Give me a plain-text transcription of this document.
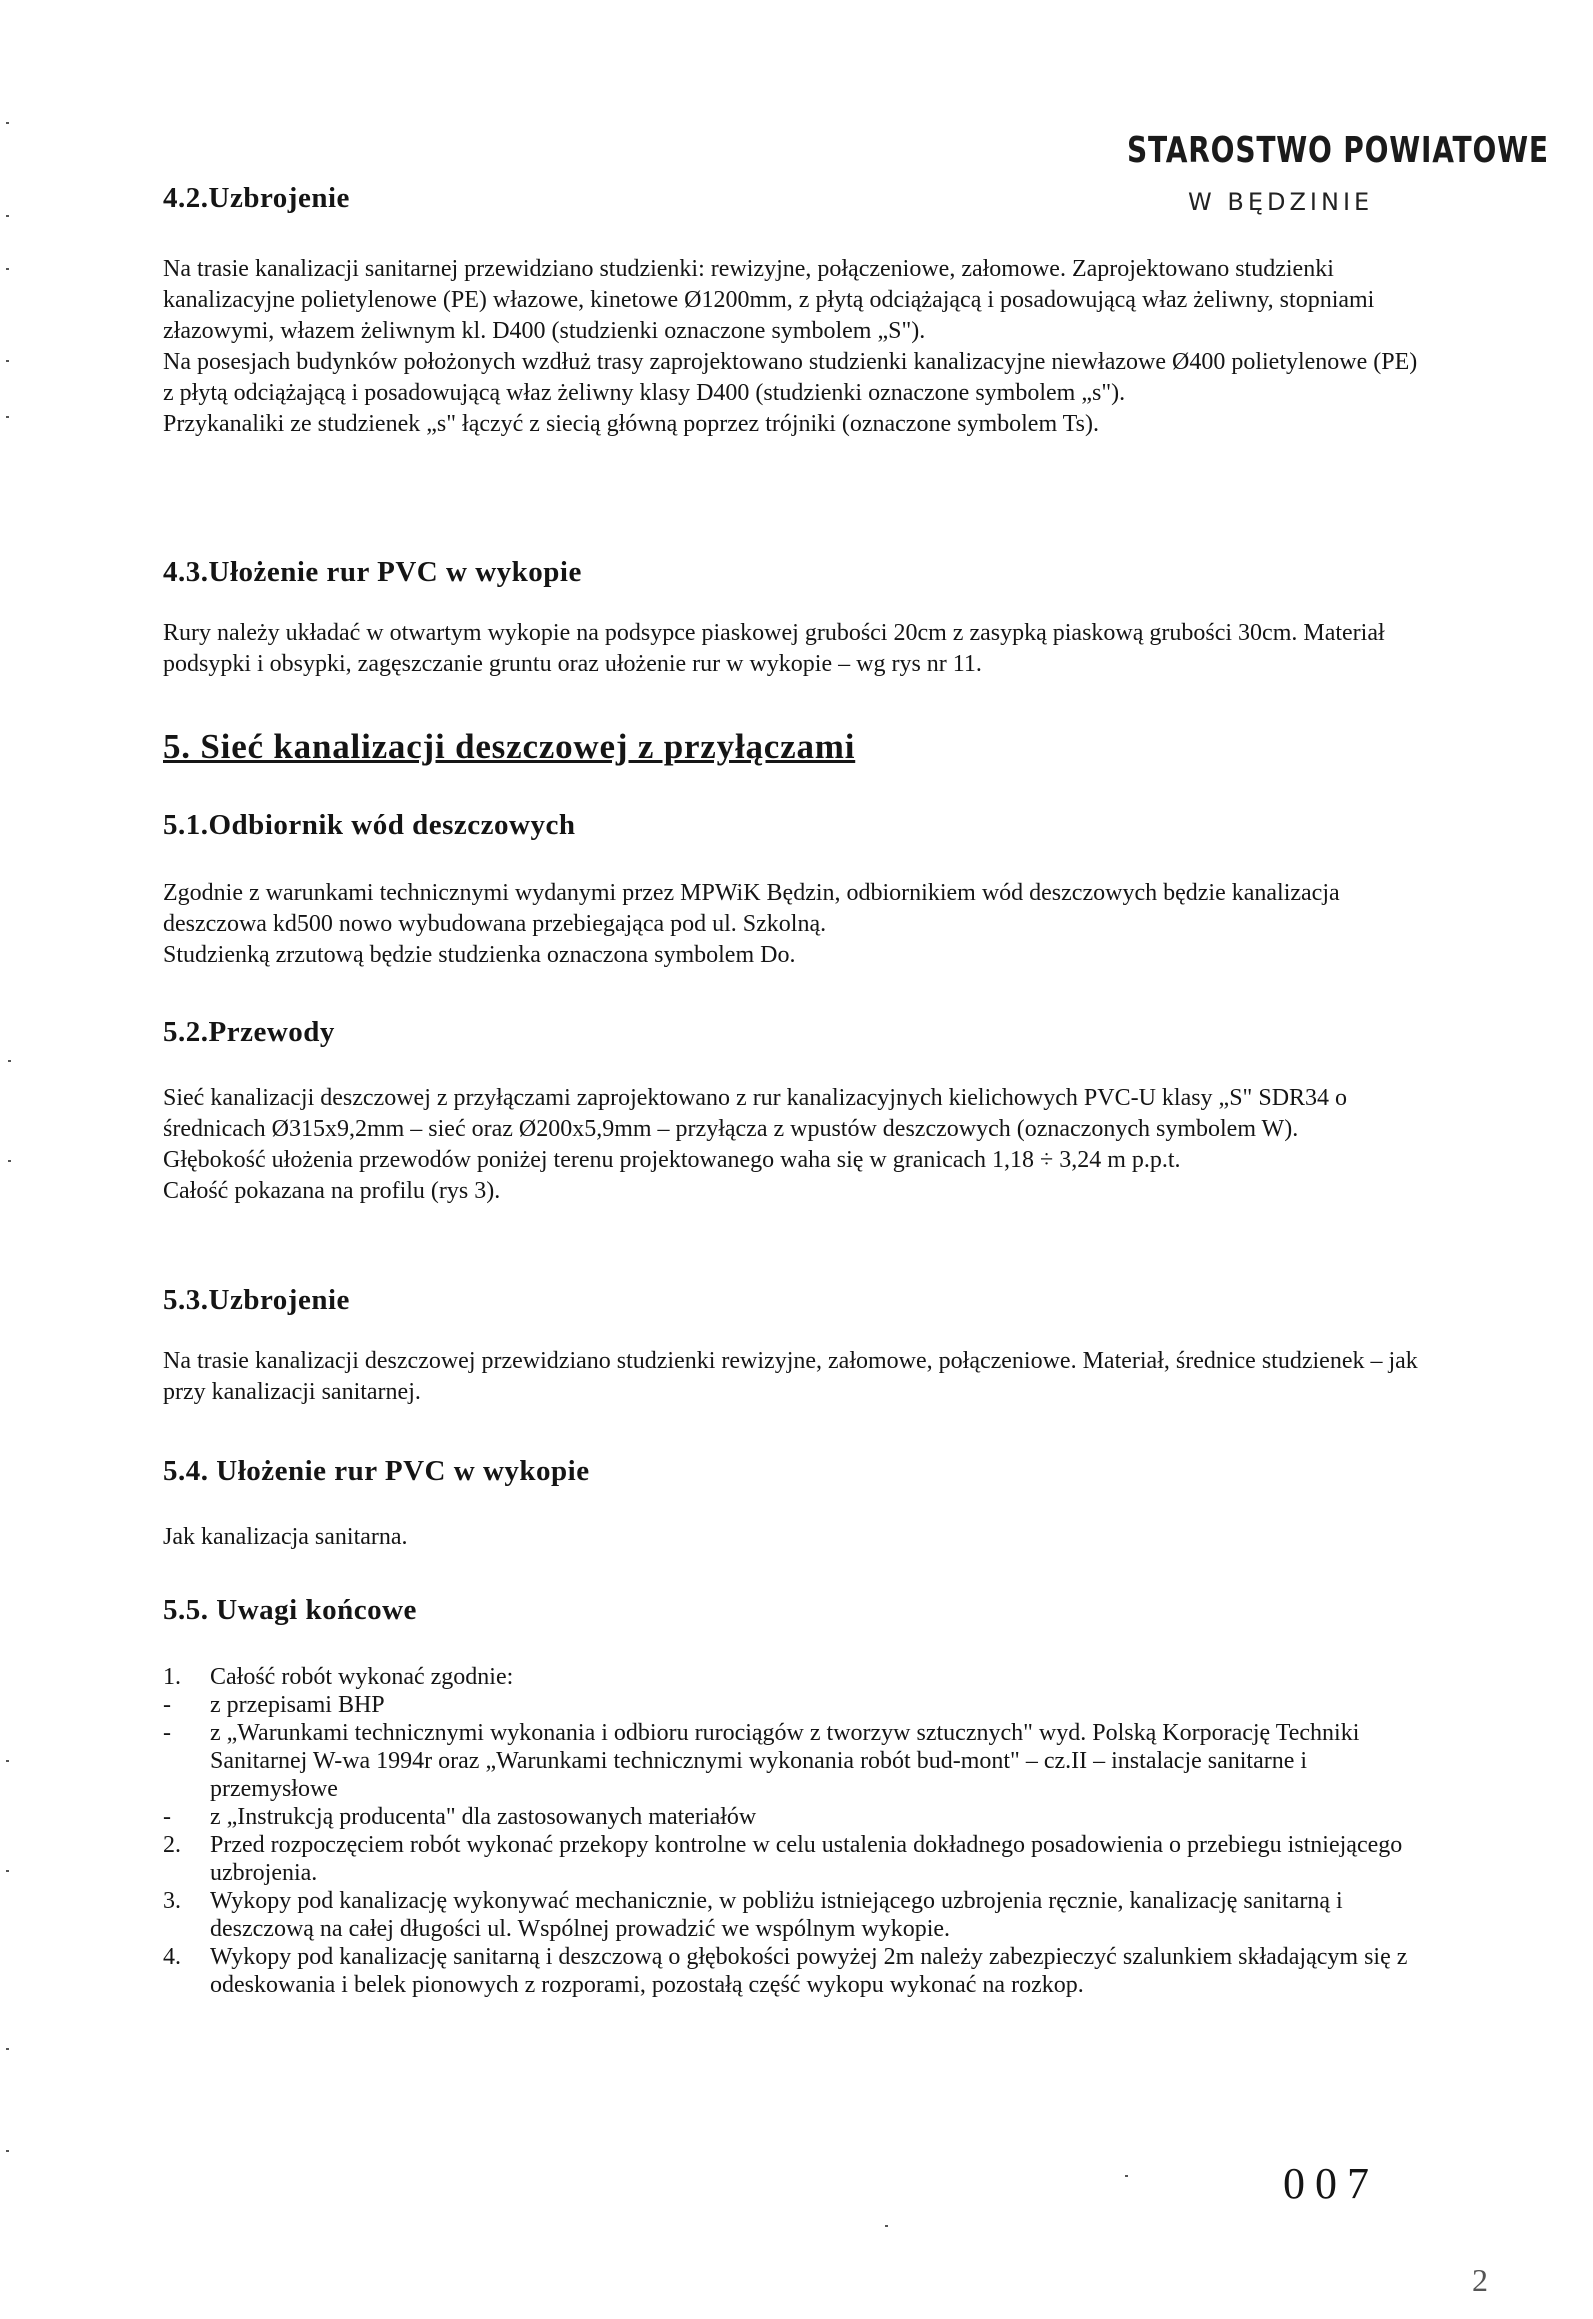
STAROSTWO POWIATOWE
W BĘDZINIE
4.2.Uzbrojenie

Na trasie kanalizacji sanitarnej przewidziano studzienki: rewizyjne, połączeniowe, załomowe. Zaprojektowano studzienki kanalizacyjne polietylenowe (PE) włazowe, kinetowe Ø1200mm, z płytą odciążającą i posadowującą właz żeliwny, stopniami złazowymi, włazem żeliwnym kl. D400 (studzienki oznaczone symbolem „S").

Na posesjach budynków położonych wzdłuż trasy zaprojektowano studzienki kanalizacyjne niewłazowe Ø400 polietylenowe (PE) z płytą odciążającą i posadowującą właz żeliwny klasy D400 (studzienki oznaczone symbolem „s").

Przykanaliki ze studzienek „s" łączyć z siecią główną poprzez trójniki (oznaczone symbolem Ts).

4.3.Ułożenie rur PVC w wykopie

Rury należy układać w otwartym wykopie na podsypce piaskowej grubości 20cm z zasypką piaskową grubości 30cm. Materiał podsypki i obsypki, zagęszczanie gruntu oraz ułożenie rur w wykopie – wg rys nr 11.

5. Sieć kanalizacji deszczowej z przyłączami
5.1.Odbiornik wód deszczowych

Zgodnie z warunkami technicznymi wydanymi przez MPWiK Będzin, odbiornikiem wód deszczowych będzie kanalizacja deszczowa kd500 nowo wybudowana przebiegająca pod ul. Szkolną.

Studzienką zrzutową będzie studzienka oznaczona symbolem Do.

5.2.Przewody

Sieć kanalizacji deszczowej z przyłączami zaprojektowano z rur kanalizacyjnych kielichowych PVC-U klasy „S" SDR34 o średnicach Ø315x9,2mm – sieć oraz Ø200x5,9mm – przyłącza z wpustów deszczowych (oznaczonych symbolem W).

Głębokość ułożenia przewodów poniżej terenu projektowanego waha się w granicach 1,18 ÷ 3,24 m p.p.t.

Całość pokazana na profilu (rys 3).

5.3.Uzbrojenie

Na trasie kanalizacji deszczowej przewidziano studzienki rewizyjne, załomowe, połączeniowe. Materiał, średnice studzienek – jak przy kanalizacji sanitarnej.

5.4. Ułożenie rur PVC w wykopie

Jak kanalizacja sanitarna.

5.5. Uwagi końcowe
1.	Całość robót wykonać zgodnie:
-	z przepisami BHP
-	z „Warunkami technicznymi wykonania i odbioru rurociągów z tworzyw sztucznych" wyd. Polską Korporację Techniki Sanitarnej W-wa 1994r oraz „Warunkami technicznymi wykonania robót bud-mont" – cz.II – instalacje sanitarne i przemysłowe
-	z „Instrukcją producenta" dla zastosowanych materiałów
2.	Przed rozpoczęciem robót wykonać przekopy kontrolne w celu ustalenia dokładnego posadowienia o przebiegu istniejącego uzbrojenia.
3.	Wykopy pod kanalizację wykonywać mechanicznie, w pobliżu istniejącego uzbrojenia ręcznie, kanalizację sanitarną i deszczową na całej długości ul. Wspólnej prowadzić we wspólnym wykopie.
4.	Wykopy pod kanalizację sanitarną i deszczową o głębokości powyżej 2m należy zabezpieczyć szalunkiem składającym się z odeskowania i belek pionowych z rozporami, pozostałą część wykopu wykonać na rozkop.
007
2
